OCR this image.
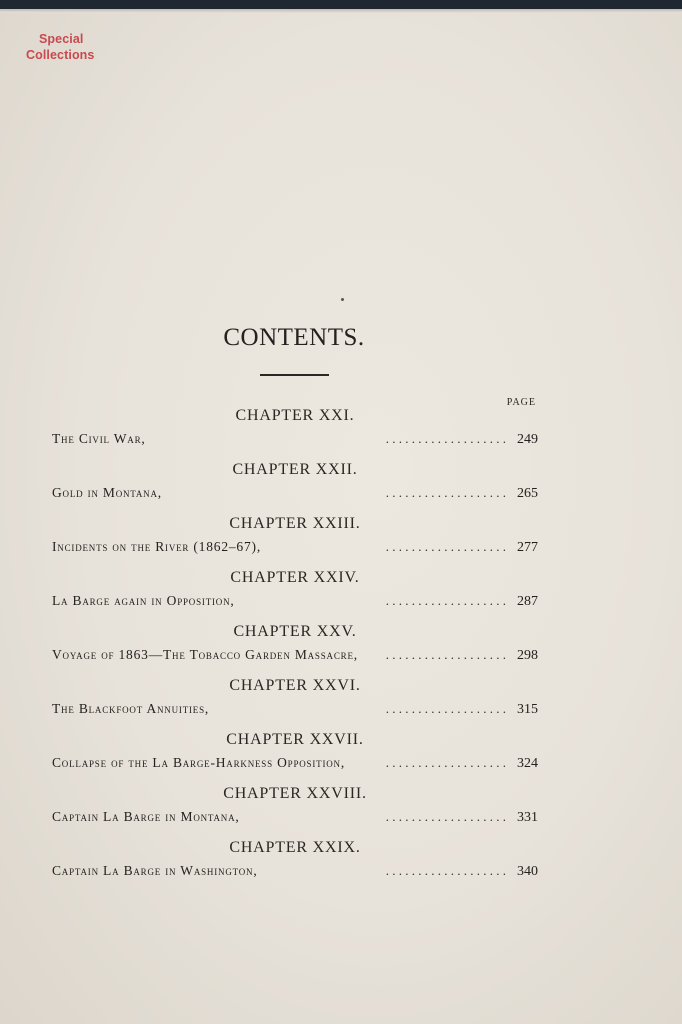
Special
Collections
CONTENTS.
PAGE
CHAPTER XXI.
The Civil War,	. . . . . . . . . . . . . . . . . . . 249
CHAPTER XXII.
Gold in Montana,	. . . . . . . . . . . . . . . . . . . 265
CHAPTER XXIII.
Incidents on the River (1862–67),	. . . . . . . . . . . . . . . . . . . 277
CHAPTER XXIV.
La Barge again in Opposition,	. . . . . . . . . . . . . . . . . . . 287
CHAPTER XXV.
Voyage of 1863—The Tobacco Garden Massacre,	. . . . . . . . . . . . . . . . . . . 298
CHAPTER XXVI.
The Blackfoot Annuities,	. . . . . . . . . . . . . . . . . . . 315
CHAPTER XXVII.
Collapse of the La Barge-Harkness Opposition,	. . . . . . . . . . . . . . . . . . . 324
CHAPTER XXVIII.
Captain La Barge in Montana,	. . . . . . . . . . . . . . . . . . . 331
CHAPTER XXIX.
Captain La Barge in Washington,	. . . . . . . . . . . . . . . . . . . 340
